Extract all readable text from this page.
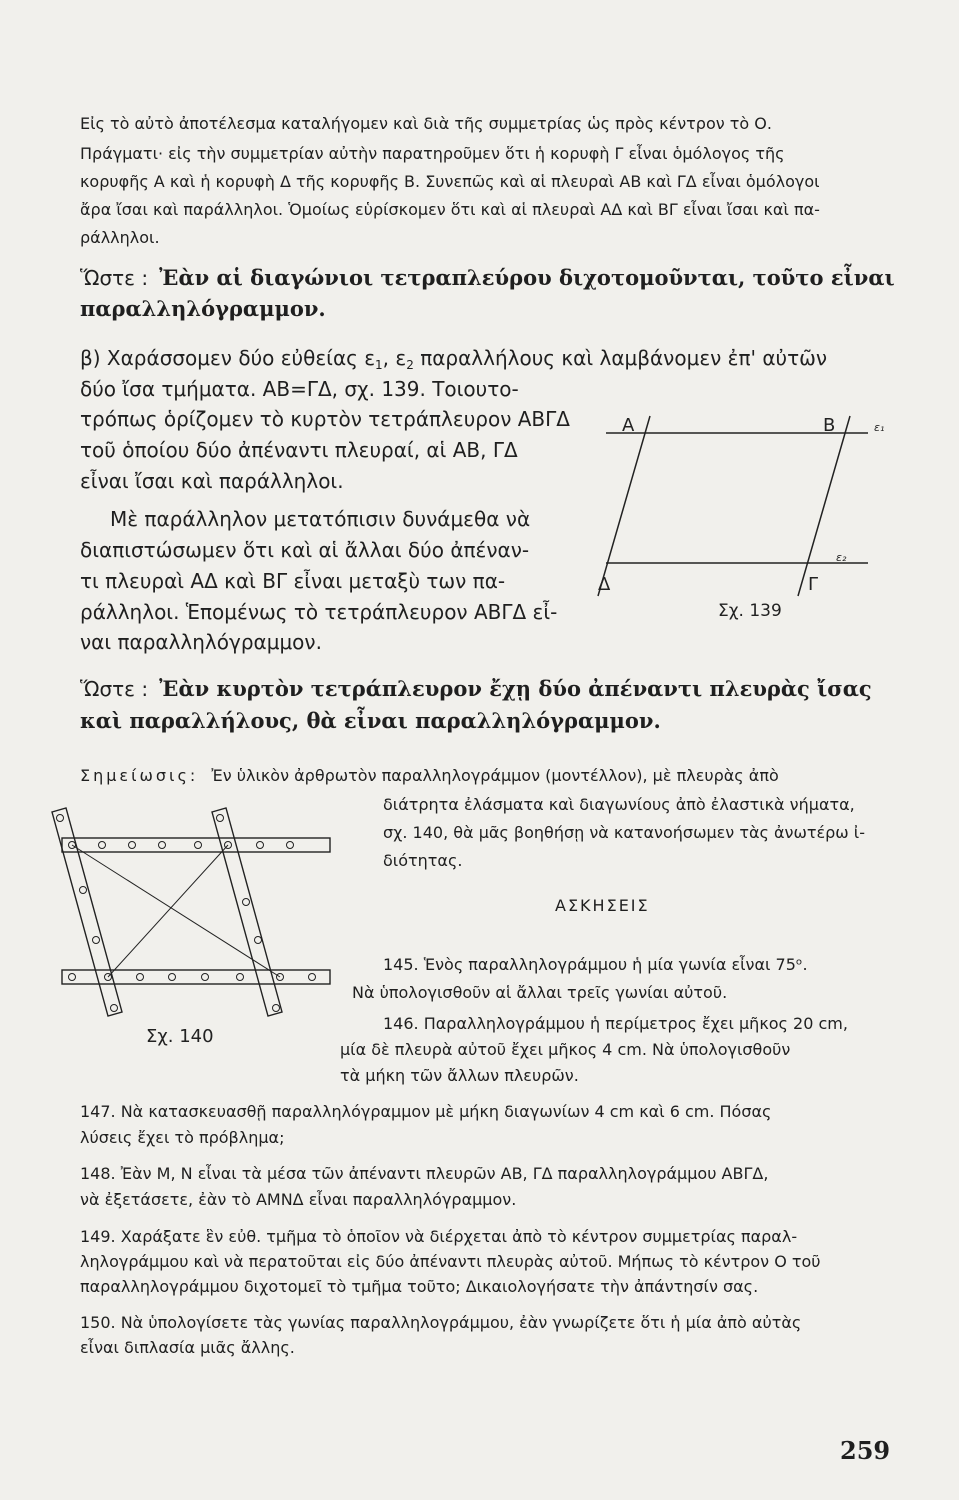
Εἰς τὸ αὐτὸ ἀποτέλεσμα καταλήγομεν καὶ διὰ τῆς συμμετρίας ὡς πρὸς κέντρον τὸ Ο.
Πράγματι· εἰς τὴν συμμετρίαν αὐτὴν παρατηροῦμεν ὅτι ἡ κορυφὴ Γ εἶναι ὁμόλογος τῆς
κορυφῆς Α καὶ ἡ κορυφὴ Δ τῆς κορυφῆς Β. Συνεπῶς καὶ αἱ πλευραὶ ΑΒ καὶ ΓΔ εἶναι ὁμόλογοι
ἄρα ἴσαι καὶ παράλληλοι. Ὁμοίως εὑρίσκομεν ὅτι καὶ αἱ πλευραὶ ΑΔ καὶ ΒΓ εἶναι ἴσαι καὶ πα-
ράλληλοι.
Ὥστε : Ἐὰν αἱ διαγώνιοι τετραπλεύρου διχοτομοῦνται, τοῦτο εἶναι
παραλληλόγραμμον.
β) Χαράσσομεν δύο εὐθείας $\varepsilon_1$, $\varepsilon_2$ παραλλήλους καὶ λαμβάνομεν ἐπ' αὐτῶν
δύο ἴσα τμήματα. ΑΒ=ΓΔ, σχ. 139. Τοιουτο-
τρόπως ὁρίζομεν τὸ κυρτὸν τετράπλευρον ΑΒΓΔ
τοῦ ὁποίου δύο ἀπέναντι πλευραί, αἱ ΑΒ, ΓΔ
εἶναι ἴσαι καὶ παράλληλοι.
Μὲ παράλληλον μετατόπισιν δυνάμεθα νὰ
διαπιστώσωμεν ὅτι καὶ αἱ ἄλλαι δύο ἀπέναν-
τι πλευραὶ ΑΔ καὶ ΒΓ εἶναι μεταξὺ των πα-
ράλληλοι. Ἑπομένως τὸ τετράπλευρον ΑΒΓΔ εἶ-
ναι παραλληλόγραμμον.
Α	Β	ε₁
ε₂
Δ	Γ
Σχ. 139
Ὥστε : Ἐὰν κυρτὸν τετράπλευρον ἔχῃ δύο ἀπέναντι πλευρὰς ἴσας
καὶ παραλλήλους, θὰ εἶναι παραλληλόγραμμον.
Σημείωσις: Ἐν ὑλικὸν ἀρθρωτὸν παραλληλογράμμον (μοντέλλον), μὲ πλευρὰς ἀπὸ
διάτρητα ἐλάσματα καὶ διαγωνίους ἀπὸ ἐλαστικὰ νήματα,
σχ. 140, θὰ μᾶς βοηθήσῃ νὰ κατανοήσωμεν τὰς ἀνωτέρω ἰ-
διότητας.
Σχ. 140
ΑΣΚΗΣΕΙΣ
145. Ἑνὸς παραλληλογράμμου ἡ μία γωνία εἶναι 75ᵒ.
Νὰ ὑπολογισθοῦν αἱ ἄλλαι τρεῖς γωνίαι αὐτοῦ.
146. Παραλληλογράμμου ἡ περίμετρος ἔχει μῆκος 20 cm,
μία δὲ πλευρὰ αὐτοῦ ἔχει μῆκος 4 cm. Νὰ ὑπολογισθοῦν
τὰ μήκη τῶν ἄλλων πλευρῶν.
147. Νὰ κατασκευασθῇ παραλληλόγραμμον μὲ μήκη διαγωνίων 4 cm καὶ 6 cm. Πόσας
λύσεις ἔχει τὸ πρόβλημα;
148. Ἐὰν Μ, Ν εἶναι τὰ μέσα τῶν ἀπέναντι πλευρῶν ΑΒ, ΓΔ παραλληλογράμμου ΑΒΓΔ,
νὰ ἐξετάσετε, ἐὰν τὸ ΑΜΝΔ εἶναι παραλληλόγραμμον.
149. Χαράξατε ἓν εὐθ. τμῆμα τὸ ὁποῖον νὰ διέρχεται ἀπὸ τὸ κέντρον συμμετρίας παραλ-
ληλογράμμου καὶ νὰ περατοῦται εἰς δύο ἀπέναντι πλευρὰς αὐτοῦ. Μήπως τὸ κέντρον Ο τοῦ
παραλληλογράμμου διχοτομεῖ τὸ τμῆμα τοῦτο; Δικαιολογήσατε τὴν ἀπάντησίν σας.
150. Νὰ ὑπολογίσετε τὰς γωνίας παραλληλογράμμου, ἐὰν γνωρίζετε ὅτι ἡ μία ἀπὸ αὐτὰς
εἶναι διπλασία μιᾶς ἄλλης.
259
